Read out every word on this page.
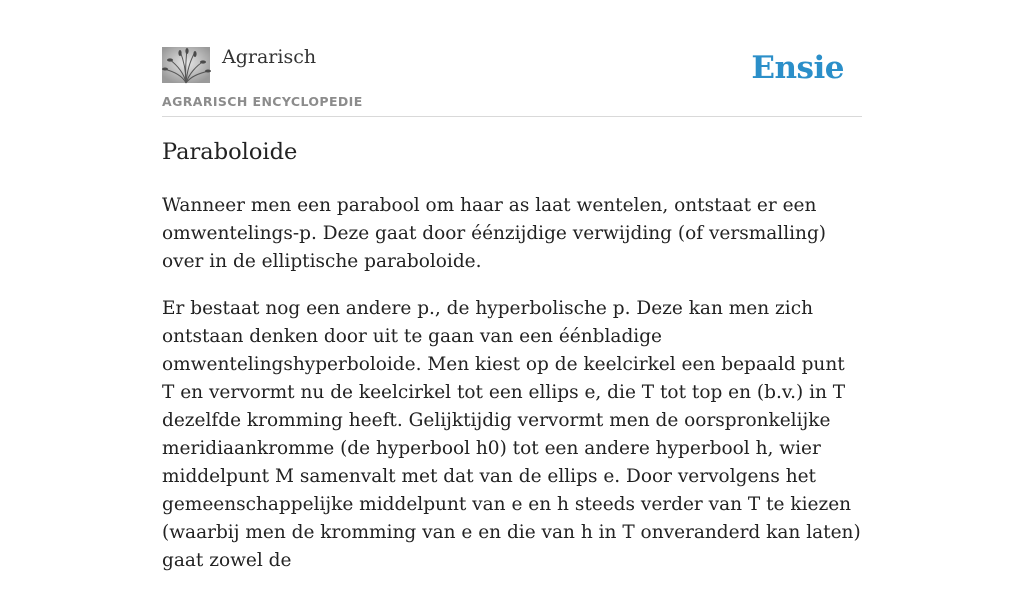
Agrarisch
AGRARISCH ENCYCLOPEDIE
Ensie
Paraboloide

Wanneer men een parabool om haar as laat wentelen, ontstaat er een omwentelings-p. Deze gaat door éénzijdige verwijding (of versmalling) over in de elliptische paraboloide.

Er bestaat nog een andere p., de hyperbolische p. Deze kan men zich ontstaan denken door uit te gaan van een éénbladige omwentelingshyperboloide. Men kiest op de keelcirkel een bepaald punt T en vervormt nu de keelcirkel tot een ellips e, die T tot top en (b.v.) in T dezelfde kromming heeft. Gelijktijdig vervormt men de oorspronkelijke meridiaankromme (de hyperbool h0) tot een andere hyperbool h, wier middelpunt M samenvalt met dat van de ellips e. Door vervolgens het gemeenschappelijke middelpunt van e en h steeds verder van T te kiezen (waarbij men de kromming van e en die van h in T onveranderd kan laten) gaat zowel de
